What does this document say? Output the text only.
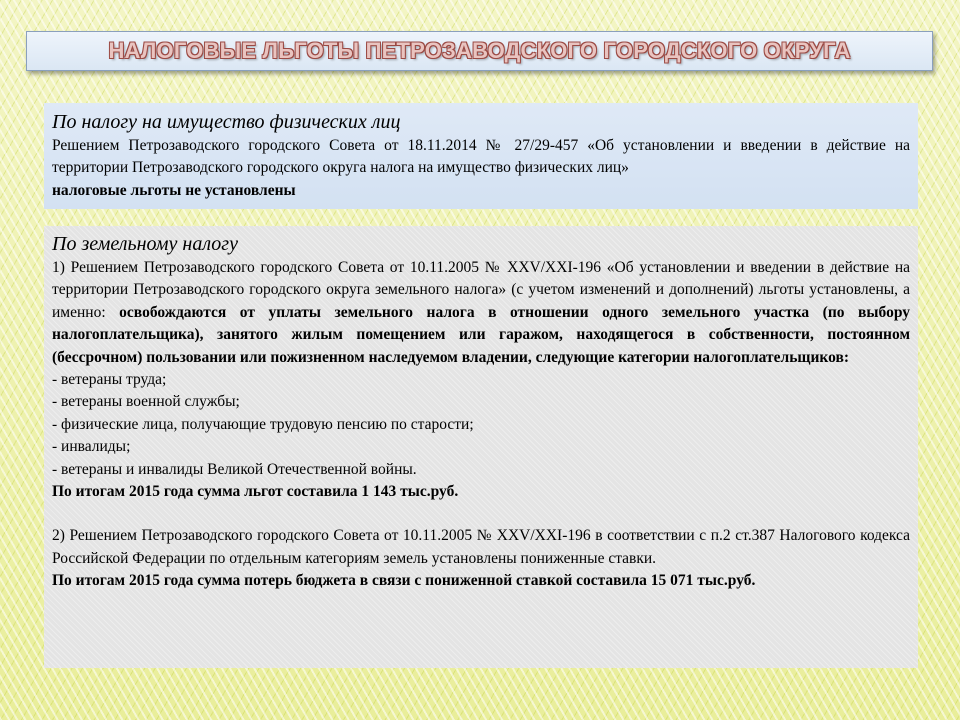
НАЛОГОВЫЕ ЛЬГОТЫ ПЕТРОЗАВОДСКОГО ГОРОДСКОГО ОКРУГА
По налогу на имущество физических лиц

Решением Петрозаводского городского Совета от 18.11.2014 № 27/29-457 «Об установлении и введении в действие на территории Петрозаводского городского округа налога на имущество физических лиц»
налоговые льготы не установлены

По земельному налогу

1) Решением Петрозаводского городского Совета от 10.11.2005 № XXV/XXI-196 «Об установлении и введении в действие на территории Петрозаводского городского округа земельного налога» (с учетом изменений и дополнений) льготы установлены, а именно: освобождаются от уплаты земельного налога в отношении одного земельного участка (по выбору налогоплательщика), занятого жилым помещением или гаражом, находящегося в собственности, постоянном (бессрочном) пользовании или пожизненном наследуемом владении, следующие категории налогоплательщиков:

- ветераны труда;

- ветераны военной службы;

- физические лица, получающие трудовую пенсию по старости;

- инвалиды;

- ветераны и инвалиды Великой Отечественной войны.

По итогам 2015 года сумма льгот составила 1 143 тыс.руб.

2) Решением Петрозаводского городского Совета от 10.11.2005 № XXV/XXI-196 в соответствии с п.2 ст.387 Налогового кодекса Российской Федерации по отдельным категориям земель установлены пониженные ставки.

По итогам 2015 года сумма потерь бюджета в связи с пониженной ставкой составила 15 071 тыс.руб.
